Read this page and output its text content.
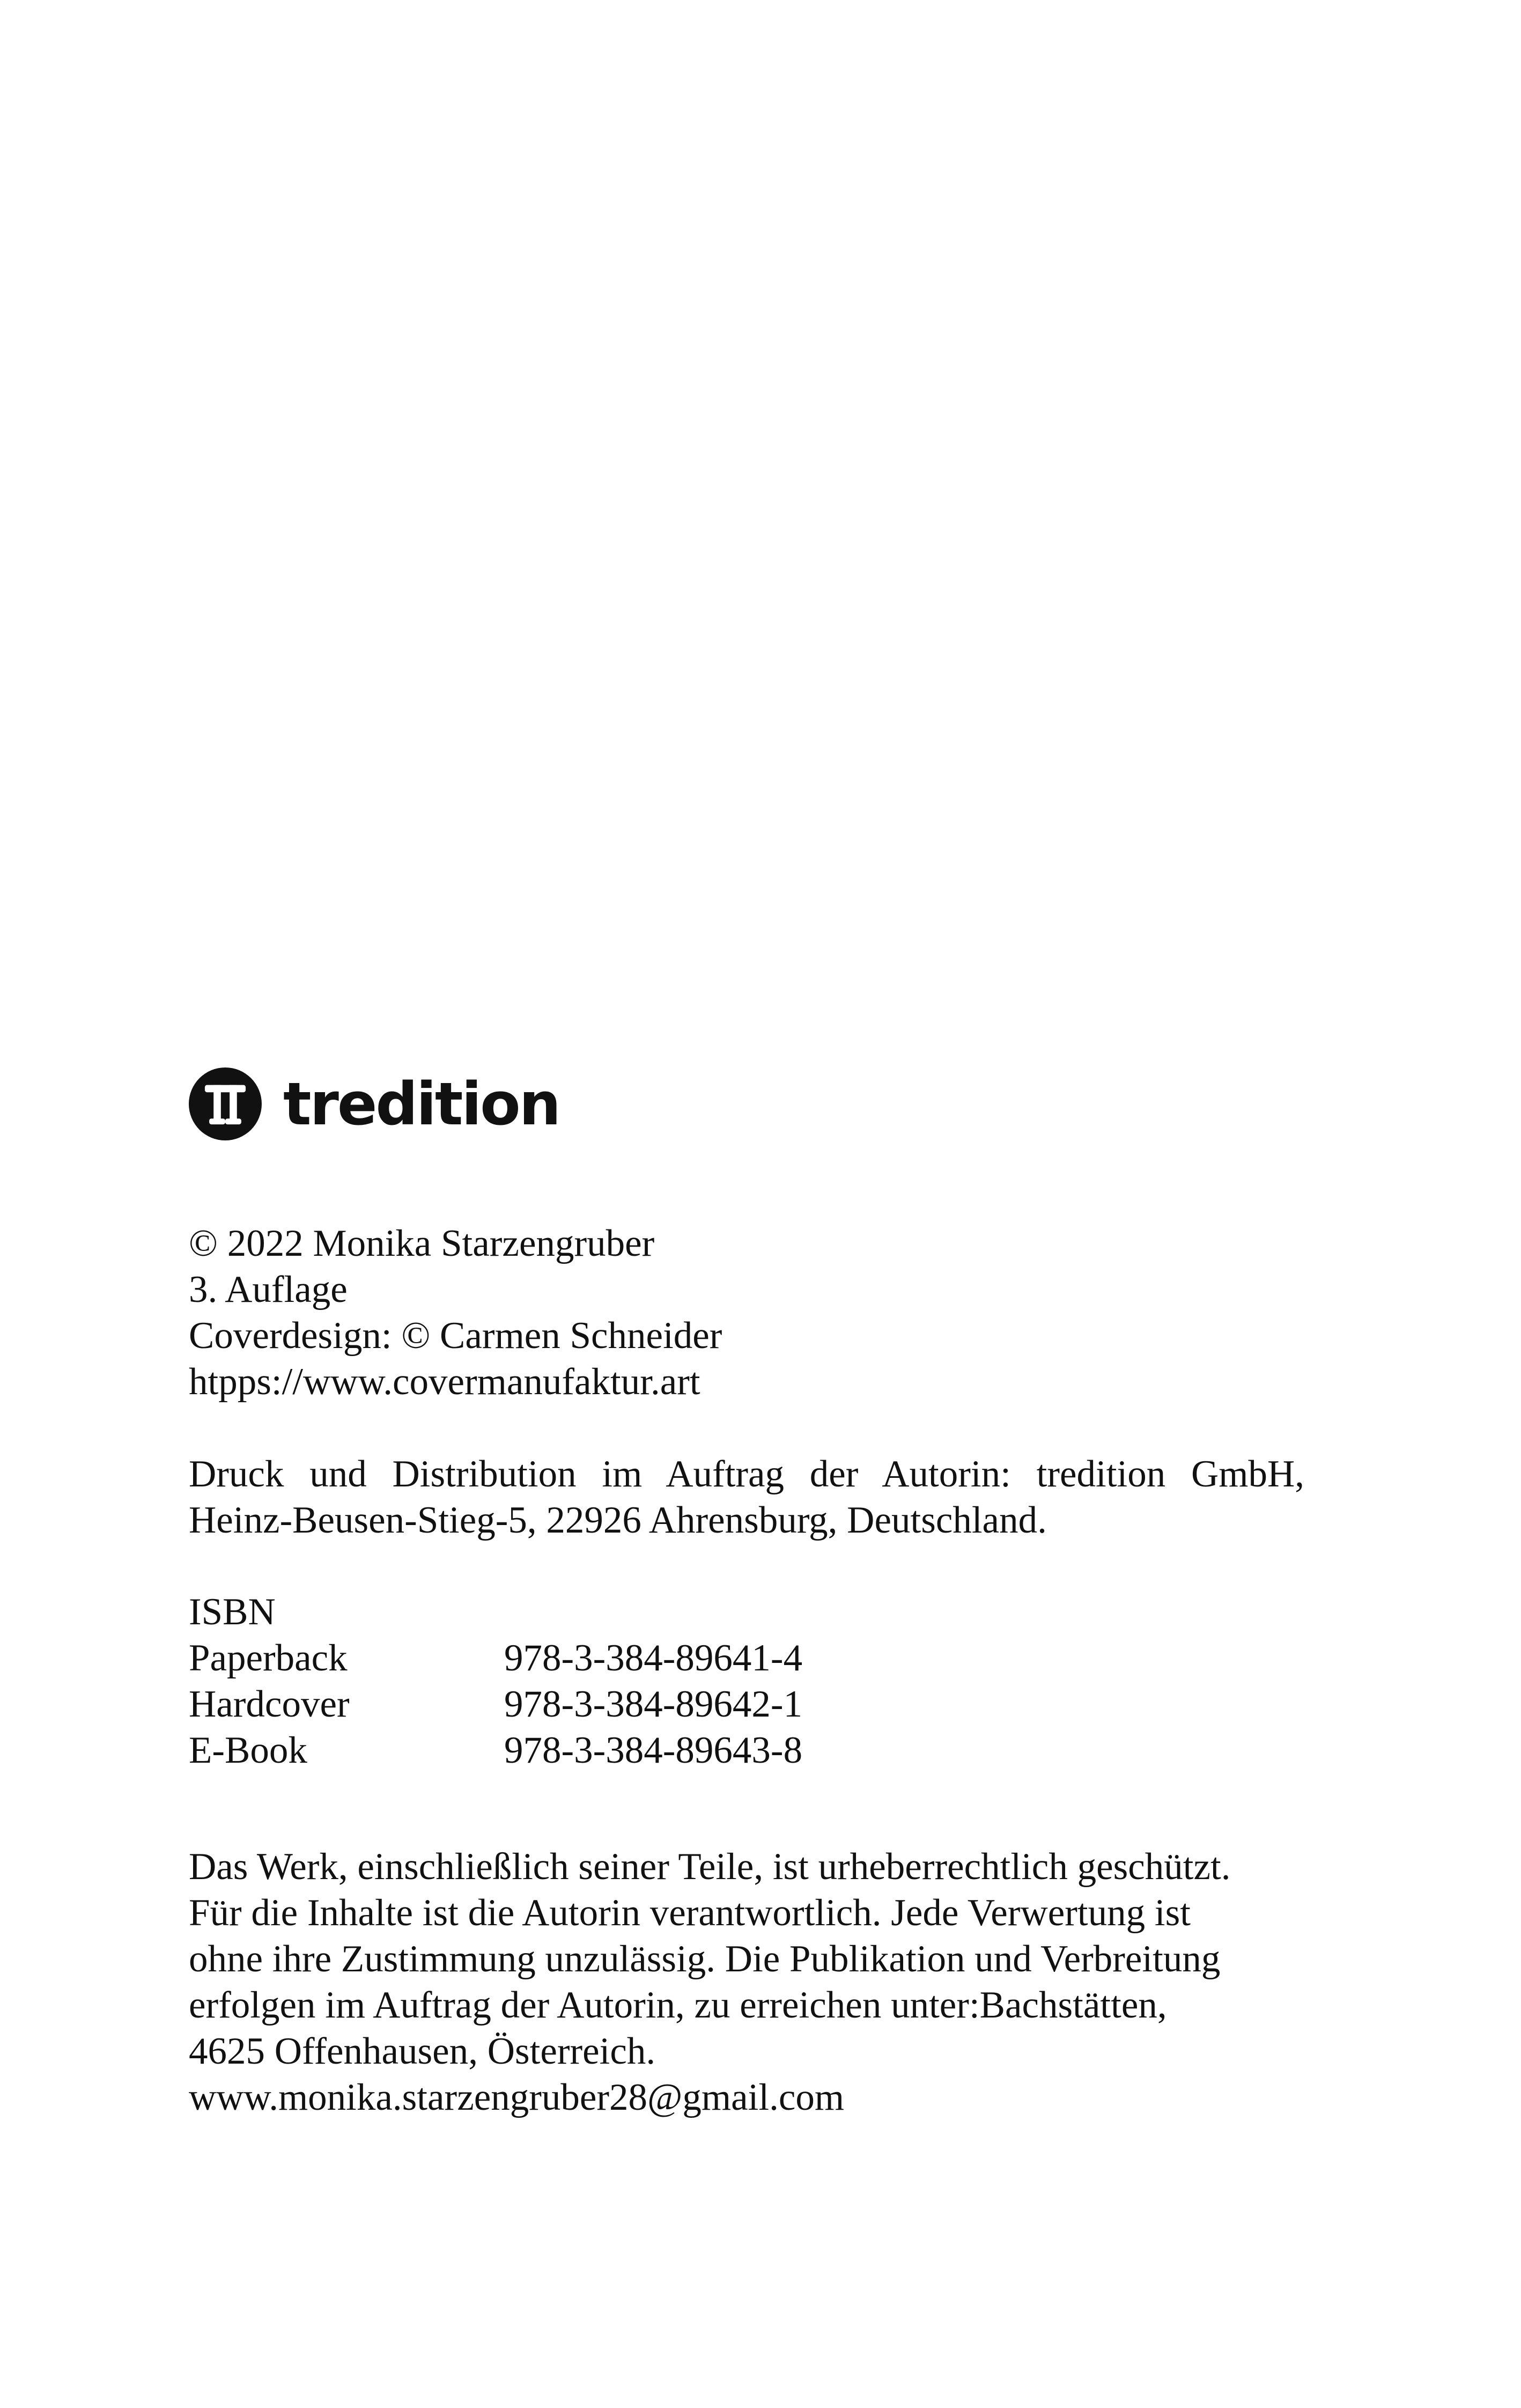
tredition
© 2022 Monika Starzengruber
3. Auflage
Coverdesign: © Carmen Schneider
htpps://www.covermanufaktur.art
Druck und Distribution im Auftrag der Autorin: tredition GmbH,
Heinz-Beusen-Stieg-5, 22926 Ahrensburg, Deutschland.
ISBN
Paperback	978-3-384-89641-4
Hardcover	978-3-384-89642-1
E-Book	978-3-384-89643-8
Das Werk, einschließlich seiner Teile, ist urheberrechtlich geschützt.
Für die Inhalte ist die Autorin verantwortlich. Jede Verwertung ist
ohne ihre Zustimmung unzulässig. Die Publikation und Verbreitung
erfolgen im Auftrag der Autorin, zu erreichen unter:Bachstätten,
4625 Offenhausen, Österreich.
www.monika.starzengruber28@gmail.com
